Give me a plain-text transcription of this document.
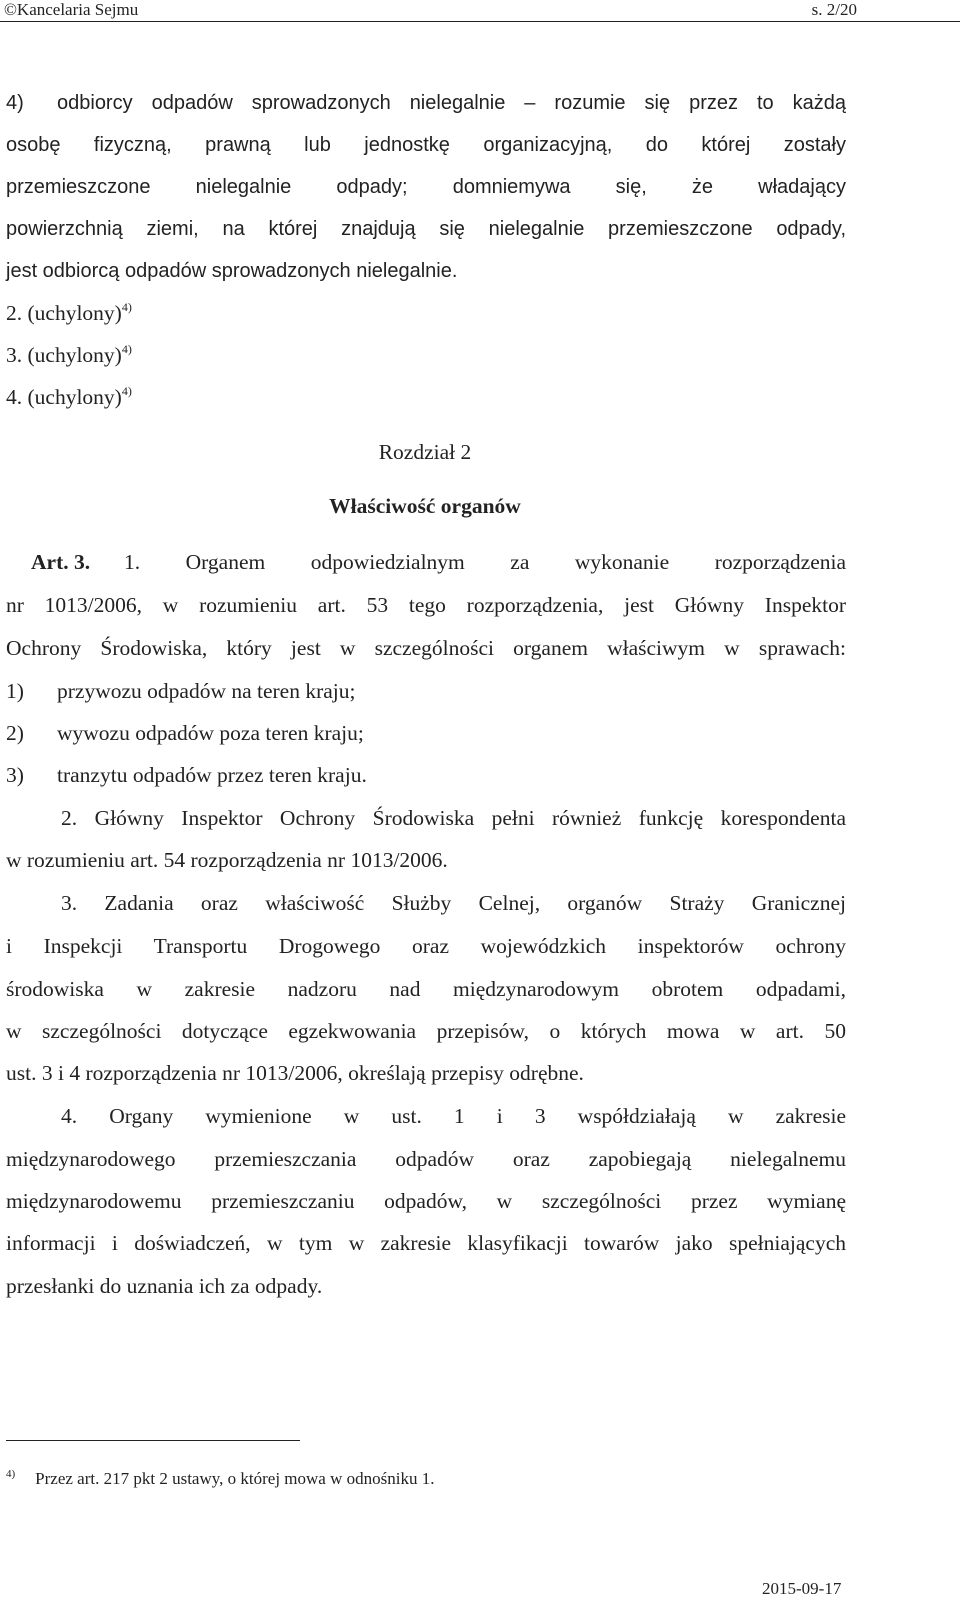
©Kancelaria Sejmu	s. 2/20
4) odbiorcy odpadów sprowadzonych nielegalnie – rozumie się przez to każdą
osobę fizyczną, prawną lub jednostkę organizacyjną, do której zostały
przemieszczone nielegalnie odpady; domniemywa się, że władający
powierzchnią ziemi, na której znajdują się nielegalnie przemieszczone odpady,
jest odbiorcą odpadów sprowadzonych nielegalnie.
2. (uchylony)$^{4)}$
3. (uchylony)$^{4)}$
4. (uchylony)$^{4)}$
Rozdział 2
Właściwość organów
Art. 3. 1. Organem odpowiedzialnym za wykonanie rozporządzenia
nr 1013/2006, w rozumieniu art. 53 tego rozporządzenia, jest Główny Inspektor
Ochrony Środowiska, który jest w szczególności organem właściwym w sprawach:
1) przywozu odpadów na teren kraju;
2) wywozu odpadów poza teren kraju;
3) tranzytu odpadów przez teren kraju.
2. Główny Inspektor Ochrony Środowiska pełni również funkcję korespondenta
w rozumieniu art. 54 rozporządzenia nr 1013/2006.
3. Zadania oraz właściwość Służby Celnej, organów Straży Granicznej
i Inspekcji Transportu Drogowego oraz wojewódzkich inspektorów ochrony
środowiska w zakresie nadzoru nad międzynarodowym obrotem odpadami,
w szczególności dotyczące egzekwowania przepisów, o których mowa w art. 50
ust. 3 i 4 rozporządzenia nr 1013/2006, określają przepisy odrębne.
4. Organy wymienione w ust. 1 i 3 współdziałają w zakresie
międzynarodowego przemieszczania odpadów oraz zapobiegają nielegalnemu
międzynarodowemu przemieszczaniu odpadów, w szczególności przez wymianę
informacji i doświadczeń, w tym w zakresie klasyfikacji towarów jako spełniających
przesłanki do uznania ich za odpady.
$^{4)}$ Przez art. 217 pkt 2 ustawy, o której mowa w odnośniku 1.
2015-09-17
